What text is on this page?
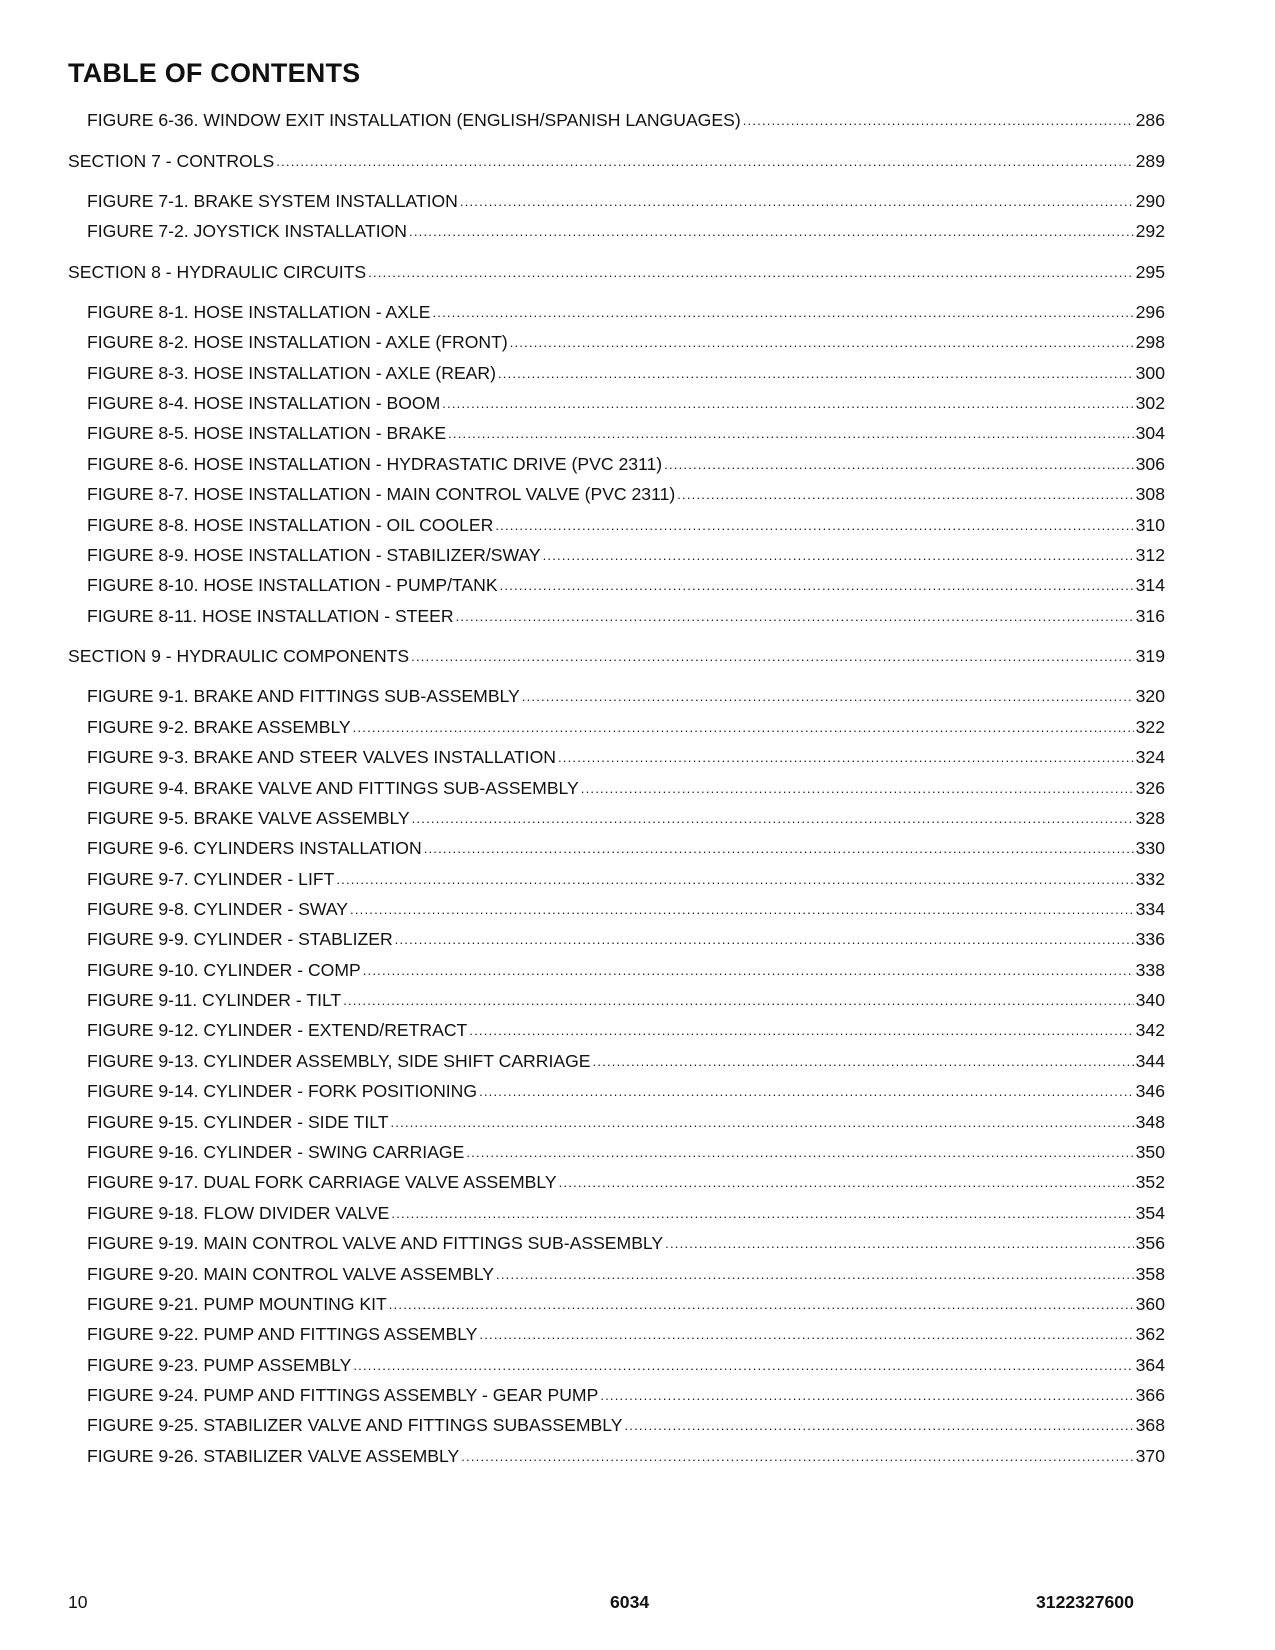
TABLE OF CONTENTS
FIGURE 6-36. WINDOW EXIT INSTALLATION (ENGLISH/SPANISH LANGUAGES) .....	286
SECTION 7 - CONTROLS .....	289
FIGURE 7-1. BRAKE SYSTEM INSTALLATION .....	290
FIGURE 7-2. JOYSTICK INSTALLATION .....	292
SECTION 8 - HYDRAULIC CIRCUITS .....	295
FIGURE 8-1. HOSE INSTALLATION - AXLE .....	296
FIGURE 8-2. HOSE INSTALLATION - AXLE (FRONT) .....	298
FIGURE 8-3. HOSE INSTALLATION - AXLE (REAR) .....	300
FIGURE 8-4. HOSE INSTALLATION - BOOM .....	302
FIGURE 8-5. HOSE INSTALLATION - BRAKE .....	304
FIGURE 8-6. HOSE INSTALLATION - HYDRASTATIC DRIVE (PVC 2311) .....	306
FIGURE 8-7. HOSE INSTALLATION - MAIN CONTROL VALVE (PVC 2311) .....	308
FIGURE 8-8. HOSE INSTALLATION - OIL COOLER .....	310
FIGURE 8-9. HOSE INSTALLATION - STABILIZER/SWAY .....	312
FIGURE 8-10. HOSE INSTALLATION - PUMP/TANK .....	314
FIGURE 8-11. HOSE INSTALLATION - STEER .....	316
SECTION 9 - HYDRAULIC COMPONENTS .....	319
FIGURE 9-1. BRAKE AND FITTINGS SUB-ASSEMBLY .....	320
FIGURE 9-2. BRAKE ASSEMBLY .....	322
FIGURE 9-3. BRAKE AND STEER VALVES INSTALLATION .....	324
FIGURE 9-4. BRAKE VALVE AND FITTINGS SUB-ASSEMBLY .....	326
FIGURE 9-5. BRAKE VALVE ASSEMBLY .....	328
FIGURE 9-6. CYLINDERS INSTALLATION .....	330
FIGURE 9-7. CYLINDER - LIFT .....	332
FIGURE 9-8. CYLINDER - SWAY .....	334
FIGURE 9-9. CYLINDER - STABLIZER .....	336
FIGURE 9-10. CYLINDER - COMP .....	338
FIGURE 9-11. CYLINDER - TILT .....	340
FIGURE 9-12. CYLINDER - EXTEND/RETRACT .....	342
FIGURE 9-13. CYLINDER ASSEMBLY, SIDE SHIFT CARRIAGE .....	344
FIGURE 9-14. CYLINDER - FORK POSITIONING .....	346
FIGURE 9-15. CYLINDER - SIDE TILT .....	348
FIGURE 9-16. CYLINDER - SWING CARRIAGE .....	350
FIGURE 9-17. DUAL FORK CARRIAGE VALVE ASSEMBLY .....	352
FIGURE 9-18. FLOW DIVIDER VALVE .....	354
FIGURE 9-19. MAIN CONTROL VALVE AND FITTINGS SUB-ASSEMBLY .....	356
FIGURE 9-20. MAIN CONTROL VALVE ASSEMBLY .....	358
FIGURE 9-21. PUMP MOUNTING KIT .....	360
FIGURE 9-22. PUMP AND FITTINGS ASSEMBLY .....	362
FIGURE 9-23. PUMP ASSEMBLY .....	364
FIGURE 9-24. PUMP AND FITTINGS ASSEMBLY - GEAR PUMP .....	366
FIGURE 9-25. STABILIZER VALVE AND FITTINGS SUBASSEMBLY .....	368
FIGURE 9-26. STABILIZER VALVE ASSEMBLY .....	370
10	6034	3122327600
